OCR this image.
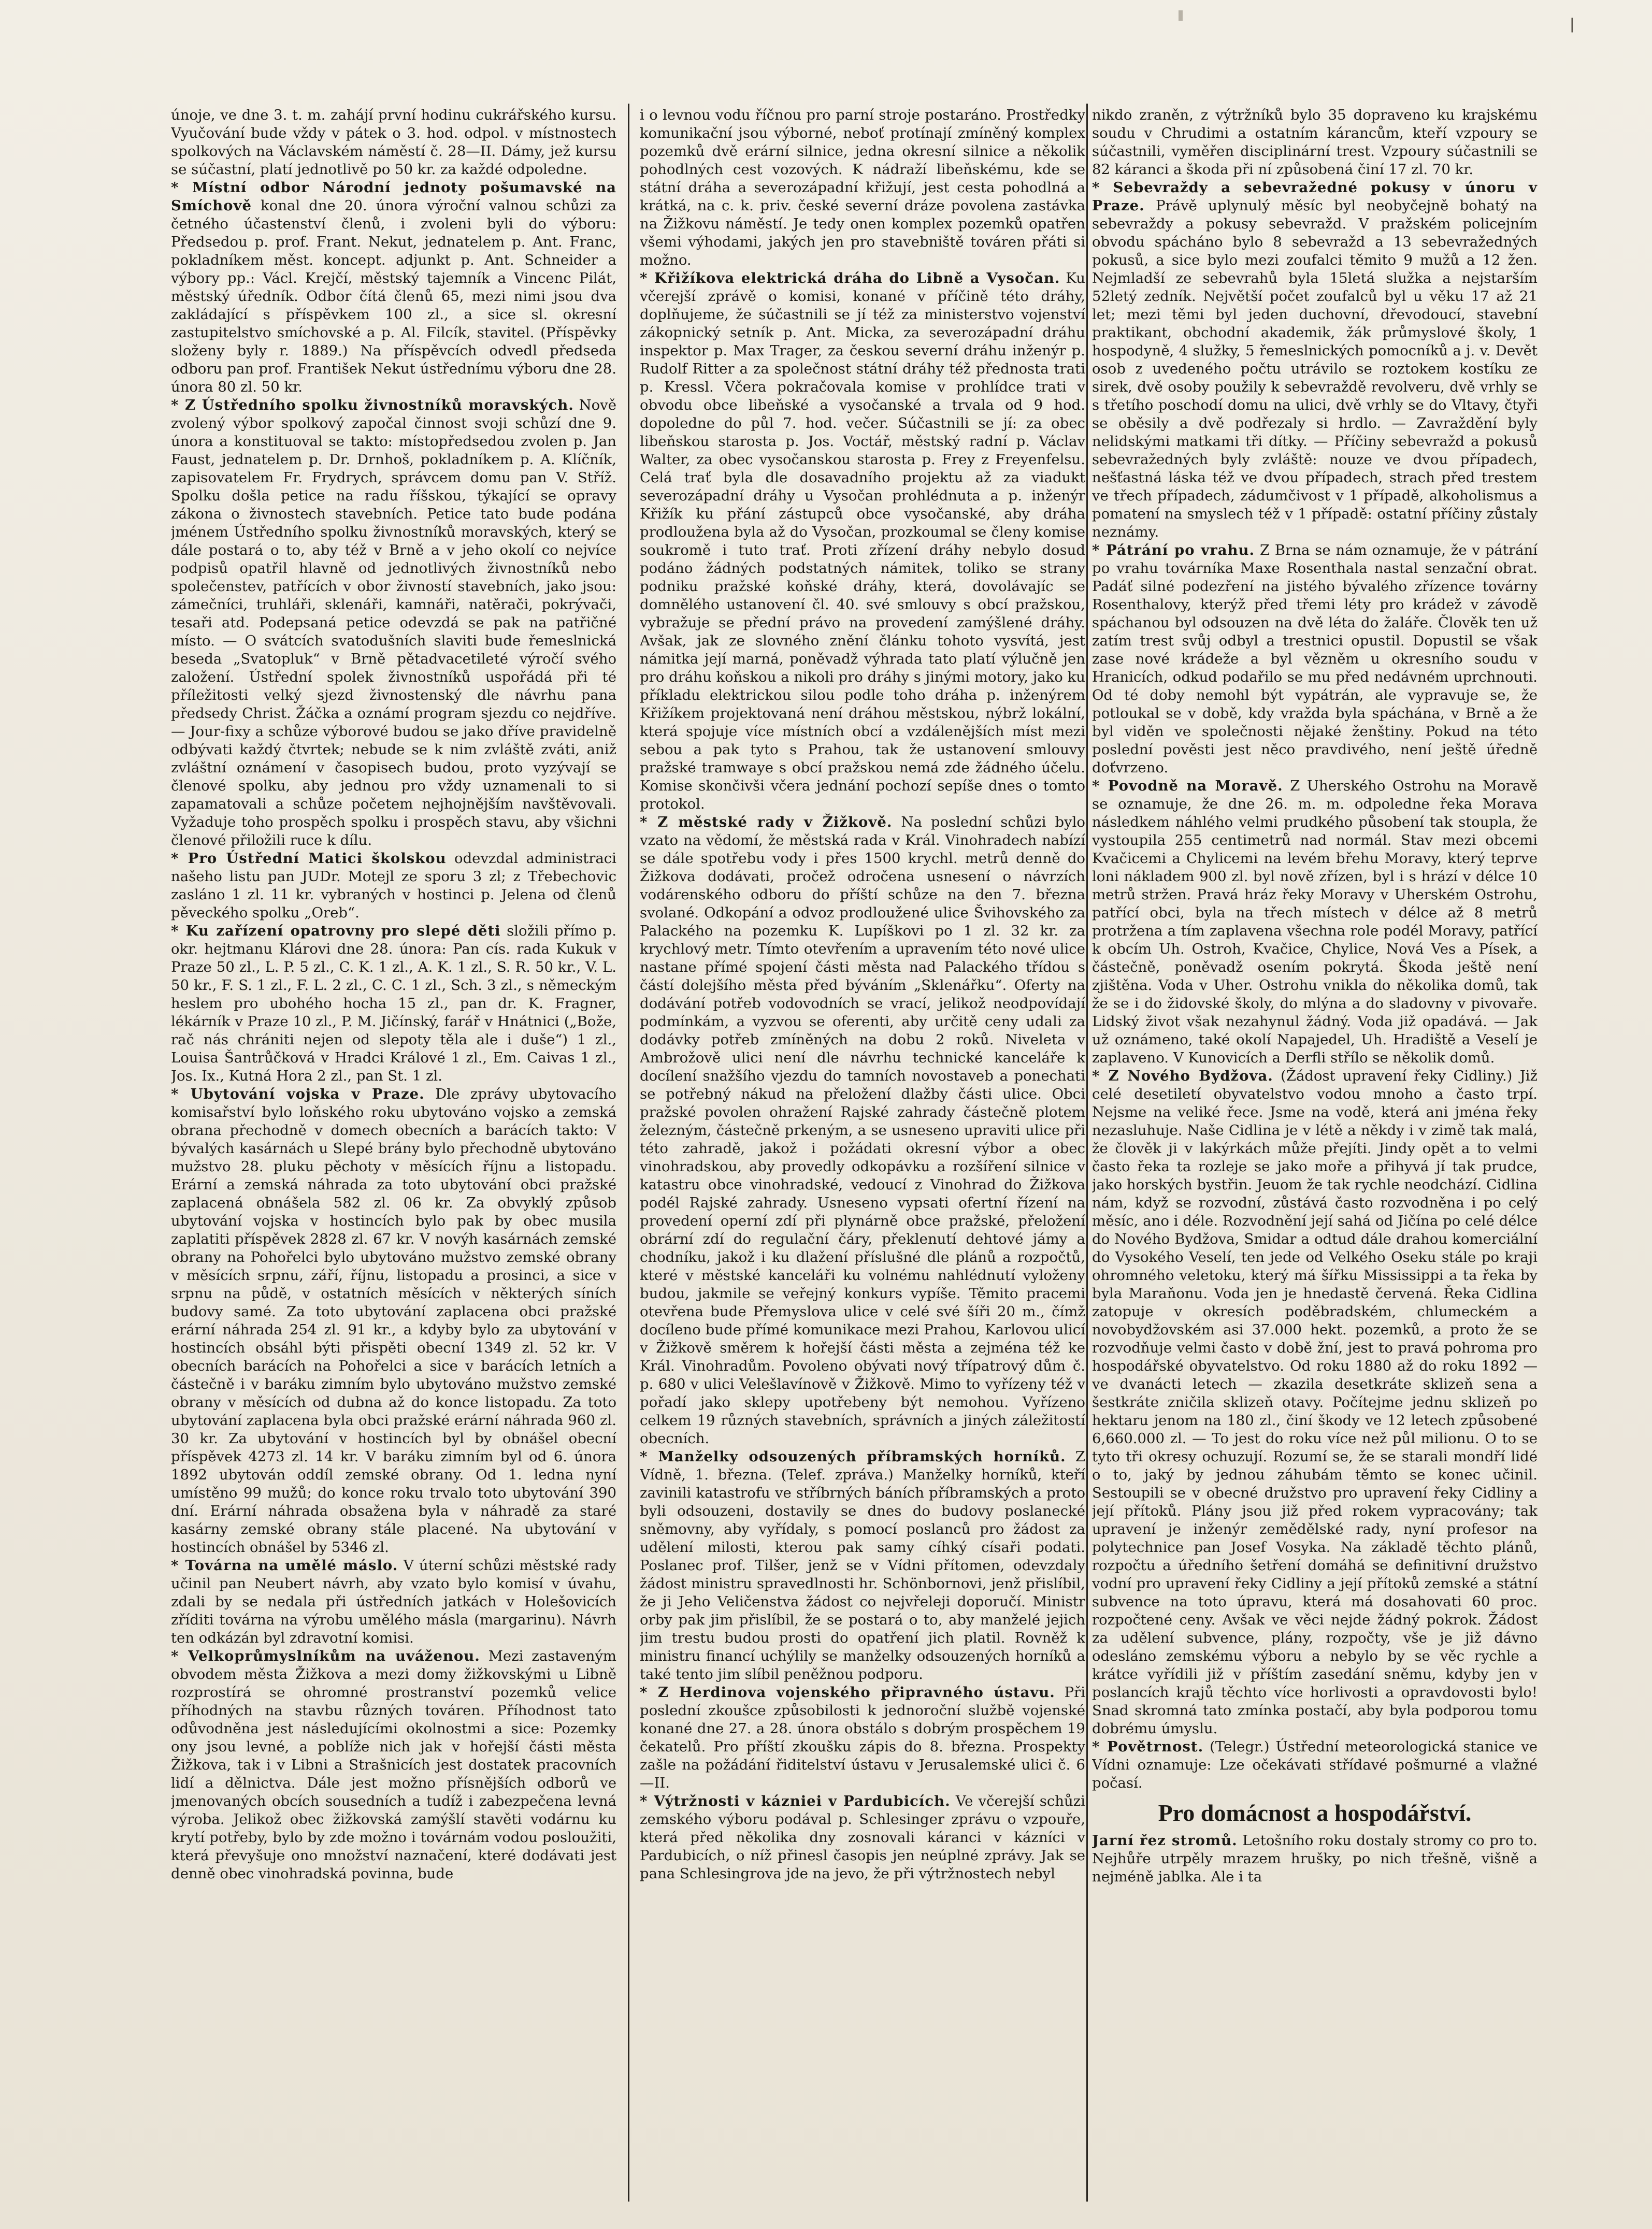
|

únoje, ve dne 3. t. m. zahájí první hodinu cukrářského kursu. Vyučování bude vždy v pátek o 3. hod. odpol. v místnostech spolkových na Václavském náměstí č. 28—II. Dámy, jež kursu se súčastní, platí jednotlivě po 50 kr. za každé odpoledne.

* Místní odbor Národní jednoty pošumavské na Smíchově konal dne 20. února výroční valnou schůzi za četného účastenství členů, i zvoleni byli do výboru: Předsedou p. prof. Frant. Nekut, jednatelem p. Ant. Franc, pokladníkem měst. koncept. adjunkt p. Ant. Schneider a výbory pp.: Václ. Krejčí, městský tajemník a Vincenc Pilát, městský úředník. Odbor čítá členů 65, mezi nimi jsou dva zakládající s příspěvkem 100 zl., a sice sl. okresní zastupitelstvo smíchovské a p. Al. Filcík, stavitel. (Příspěvky složeny byly r. 1889.) Na příspěvcích odvedl předseda odboru pan prof. František Nekut ústřednímu výboru dne 28. února 80 zl. 50 kr.

* Z Ústředního spolku živnostníků moravských. Nově zvolený výbor spolkový započal činnost svoji schůzí dne 9. února a konstituoval se takto: místopředsedou zvolen p. Jan Faust, jednatelem p. Dr. Drnhoš, pokladníkem p. A. Klíčník, zapisovatelem Fr. Frydrych, správcem domu pan V. Stříž. Spolku došla petice na radu říšskou, týkající se opravy zákona o živnostech stavebních. Petice tato bude podána jménem Ústředního spolku živnostníků moravských, který se dále postará o to, aby též v Brně a v jeho okolí co nejvíce podpisů opatřil hlavně od jednotlivých živnostníků nebo společenstev, patřících v obor živností stavebních, jako jsou: zámečníci, truhláři, sklenáři, kamnáři, natěrači, pokrývači, tesaři atd. Podepsaná petice odevzdá se pak na patřičné místo. — O svátcích svatodušních slaviti bude řemeslnická beseda „Svatopluk“ v Brně pětadvacetileté výročí svého založení. Ústřední spolek živnostníků uspořádá při té příležitosti velký sjezd živnostenský dle návrhu pana předsedy Christ. Žáčka a oznámí program sjezdu co nejdříve. — Jour-fixy a schůze výborové budou se jako dříve pravidelně odbývati každý čtvrtek; nebude se k nim zvláště zváti, aniž zvláštní oznámení v časopisech budou, proto vyzývají se členové spolku, aby jednou pro vždy uznamenali to si zapamatovali a schůze početem nejhojnějším navštěvovali. Vyžaduje toho prospěch spolku i prospěch stavu, aby všichni členové přiložili ruce k dílu.

* Pro Ústřední Matici školskou odevzdal administraci našeho listu pan JUDr. Motejl ze sporu 3 zl; z Třebechovic zasláno 1 zl. 11 kr. vybraných v hostinci p. Jelena od členů pěveckého spolku „Oreb“.

* Ku zařízení opatrovny pro slepé děti složili přímo p. okr. hejtmanu Klárovi dne 28. února: Pan cís. rada Kukuk v Praze 50 zl., L. P. 5 zl., C. K. 1 zl., A. K. 1 zl., S. R. 50 kr., V. L. 50 kr., F. S. 1 zl., F. L. 2 zl., C. C. 1 zl., Sch. 3 zl., s německým heslem pro ubohého hocha 15 zl., pan dr. K. Fragner, lékárník v Praze 10 zl., P. M. Jičínský, farář v Hnátnici („Bože, rač nás chrániti nejen od slepoty těla ale i duše“) 1 zl., Louisa Šantrůčková v Hradci Králové 1 zl., Em. Caivas 1 zl., Jos. Ix., Kutná Hora 2 zl., pan St. 1 zl.

* Ubytování vojska v Praze. Dle zprávy ubytovacího komisařství bylo loňského roku ubytováno vojsko a zemská obrana přechodně v domech obecních a barácích takto: V bývalých kasárnách u Slepé brány bylo přechodně ubytováno mužstvo 28. pluku pěchoty v měsících říjnu a listopadu. Erární a zemská náhrada za toto ubytování obci pražské zaplacená obnášela 582 zl. 06 kr. Za obvyklý způsob ubytování vojska v hostincích bylo pak by obec musila zaplatiti příspěvek 2828 zl. 67 kr. V novýh kasárnách zemské obrany na Pohořelci bylo ubytováno mužstvo zemské obrany v měsících srpnu, září, říjnu, listopadu a prosinci, a sice v srpnu na půdě, v ostatních měsících v některých síních budovy samé. Za toto ubytování zaplacena obci pražské erární náhrada 254 zl. 91 kr., a kdyby bylo za ubytování v hostincích obsáhl býti přispěti obecní 1349 zl. 52 kr. V obecních barácích na Pohořelci a sice v barácích letních a částečně i v baráku zimním bylo ubytováno mužstvo zemské obrany v měsících od dubna až do konce listopadu. Za toto ubytování zaplacena byla obci pražské erární náhrada 960 zl. 30 kr. Za ubytování v hostincích byl by obnášel obecní příspěvek 4273 zl. 14 kr. V baráku zimním byl od 6. února 1892 ubytován oddíl zemské obrany. Od 1. ledna nyní umístěno 99 mužů; do konce roku trvalo toto ubytování 390 dní. Erární náhrada obsažena byla v náhradě za staré kasárny zemské obrany stále placené. Na ubytování v hostincích obnášel by 5346 zl.

* Továrna na umělé máslo. V úterní schůzi městské rady učinil pan Neubert návrh, aby vzato bylo komisí v úvahu, zdali by se nedala při ústředních jatkách v Holešovicích zříditi továrna na výrobu umělého másla (margarinu). Návrh ten odkázán byl zdravotní komisi.

* Velkoprůmyslníkům na uváženou. Mezi zastaveným obvodem města Žižkova a mezi domy žižkovskými u Libně rozprostírá se ohromné prostranství pozemků velice příhodných na stavbu různých továren. Příhodnost tato odůvodněna jest následujícími okolnostmi a sice: Pozemky ony jsou levné, a poblíže nich jak v hořejší části města Žižkova, tak i v Libni a Strašnicích jest dostatek pracovních lidí a dělnictva. Dále jest možno přísnějších odborů ve jmenovaných obcích sousedních a tudíž i zabezpečena levná výroba. Jelikož obec žižkovská zamýšlí stavěti vodárnu ku krytí potřeby, bylo by zde možno i továrnám vodou posloužiti, která převyšuje ono množství naznačení, které dodávati jest denně obec vinohradská povinna, bude

i o levnou vodu říčnou pro parní stroje postaráno. Prostředky komunikační jsou výborné, neboť protínají zmíněný komplex pozemků dvě erární silnice, jedna okresní silnice a několik pohodlných cest vozových. K nádraží libeňskému, kde se státní dráha a severozápadní křižují, jest cesta pohodlná a krátká, na c. k. priv. české severní dráze povolena zastávka na Žižkovu náměstí. Je tedy onen komplex pozemků opatřen všemi výhodami, jakých jen pro stavebniště továren přáti si možno.

* Křižíkova elektrická dráha do Libně a Vysočan. Ku včerejší zprávě o komisi, konané v příčině této dráhy, doplňujeme, že súčastnili se jí též za ministerstvo vojenství zákopnický setník p. Ant. Micka, za severozápadní dráhu inspektor p. Max Trager, za českou severní dráhu inženýr p. Rudolf Ritter a za společnost státní dráhy též přednosta trati p. Kressl. Včera pokračovala komise v prohlídce trati v obvodu obce libeňské a vysočanské a trvala od 9 hod. dopoledne do půl 7. hod. večer. Súčastnili se jí: za obec libeňskou starosta p. Jos. Voctář, městský radní p. Václav Walter, za obec vysočanskou starosta p. Frey z Freyenfelsu. Celá trať byla dle dosavadního projektu až za viadukt severozápadní dráhy u Vysočan prohlédnuta a p. inženýr Křižík ku přání zástupců obce vysočanské, aby dráha prodloužena byla až do Vysočan, prozkoumal se členy komise soukromě i tuto trať. Proti zřízení dráhy nebylo dosud podáno žádných podstatných námitek, toliko se strany podniku pražské koňské dráhy, která, dovolávajíc se domnělého ustanovení čl. 40. své smlouvy s obcí pražskou, vybražuje se přední právo na provedení zamýšlené dráhy. Avšak, jak ze slovného znění článku tohoto vysvítá, jest námitka její marná, poněvadž výhrada tato platí výlučně jen pro dráhu koňskou a nikoli pro dráhy s jinými motory, jako ku příkladu elektrickou silou podle toho dráha p. inženýrem Křižíkem projektovaná není dráhou městskou, nýbrž lokální, která spojuje více místních obcí a vzdálenějších míst mezi sebou a pak tyto s Prahou, tak že ustanovení smlouvy pražské tramwaye s obcí pražskou nemá zde žádného účelu. Komise skončivši včera jednání pochozí sepíše dnes o tomto protokol.

* Z městské rady v Žižkově. Na poslední schůzi bylo vzato na vědomí, že městská rada v Král. Vinohradech nabízí se dále spotřebu vody i přes 1500 krychl. metrů denně do Žižkova dodávati, pročež odročena usnesení o návrzích vodárenského odboru do příští schůze na den 7. března svolané. Odkopání a odvoz prodloužené ulice Švihovského za Palackého na pozemku K. Lupíškovi po 1 zl. 32 kr. za krychlový metr. Tímto otevřením a upravením této nové ulice nastane přímé spojení části města nad Palackého třídou s částí dolejšího města před býváním „Sklenářku“. Oferty na dodávání potřeb vodovodních se vrací, jelikož neodpovídají podmínkám, a vyzvou se oferenti, aby určitě ceny udali za dodávky potřeb zmíněných na dobu 2 roků. Niveleta v Ambrožově ulici není dle návrhu technické kanceláře k docílení snažšího vjezdu do tamních novostaveb a ponechati se potřebný nákud na přeložení dlažby části ulice. Obci pražské povolen ohražení Rajské zahrady částečně plotem železným, částečně prkeným, a se usneseno upraviti ulice při této zahradě, jakož i požádati okresní výbor a obec vinohradskou, aby provedly odkopávku a rozšíření silnice v katastru obce vinohradské, vedoucí z Vinohrad do Žižkova podél Rajské zahrady. Usneseno vypsati ofertní řízení na provedení operní zdí při plynárně obce pražské, přeložení obrární zdí do regulační čáry, překlenutí dehtové jámy a chodníku, jakož i ku dlažení příslušné dle plánů a rozpočtů, které v městské kanceláři ku volnému nahlédnutí vyloženy budou, jakmile se veřejný konkurs vypíše. Těmito pracemi otevřena bude Přemyslova ulice v celé své šíři 20 m., čímž docíleno bude přímé komunikace mezi Prahou, Karlovou ulicí v Žižkově směrem k hořejší části města a zejména též ke Král. Vinohradům. Povoleno obývati nový třípatrový dům č. p. 680 v ulici Velešlavínově v Žižkově. Mimo to vyřízeny též v pořadí jako sklepy upotřebeny být nemohou. Vyřízeno celkem 19 různých stavebních, správních a jiných záležitostí obecních.

* Manželky odsouzených příbramských horníků. Z Vídně, 1. března. (Telef. zpráva.) Manželky horníků, kteří zavinili katastrofu ve stříbrných báních příbramských a proto byli odsouzeni, dostavily se dnes do budovy poslanecké sněmovny, aby vyřídaly, s pomocí poslanců pro žádost za udělení milosti, kterou pak samy cíhký císaři podati. Poslanec prof. Tilšer, jenž se v Vídni přítomen, odevzdaly žádost ministru spravedlnosti hr. Schönbornovi, jenž přislíbil, že ji Jeho Veličenstva žádost co nejvřeleji doporučí. Ministr orby pak jim přislíbil, že se postará o to, aby manželé jejich jim trestu budou prosti do opatření jich platil. Rovněž k ministru financí uchýlily se manželky odsouzených horníků a také tento jim slíbil peněžnou podporu.

* Z Herdinova vojenského připravného ústavu. Při poslední zkoušce způsobilosti k jednoroční službě vojenské konané dne 27. a 28. února obstálo s dobrým prospěchem 19 čekatelů. Pro příští zkoušku zápis do 8. března. Prospekty zašle na požádání řiditelství ústavu v Jerusalemské ulici č. 6—II.

* Výtržnosti v kázniei v Pardubicích. Ve včerejší schůzi zemského výboru podával p. Schlesinger zprávu o vzpouře, která před několika dny zosnovali káranci v kázníci v Pardubicích, o níž přinesl časopis jen neúplné zprávy. Jak se pana Schlesingrova jde na jevo, že při výtržnostech nebyl

nikdo zraněn, z výtržníků bylo 35 dopraveno ku krajskému soudu v Chrudimi a ostatním kárancům, kteří vzpoury se súčastnili, vyměřen disciplinární trest. Vzpoury súčastnili se 82 káranci a škoda při ní způsobená činí 17 zl. 70 kr.

* Sebevraždy a sebevražedné pokusy v únoru v Praze. Právě uplynulý měsíc byl neobyčejně bohatý na sebevraždy a pokusy sebevražd. V pražském policejním obvodu spácháno bylo 8 sebevražd a 13 sebevražedných pokusů, a sice bylo mezi zoufalci těmito 9 mužů a 12 žen. Nejmladší ze sebevrahů byla 15letá služka a nejstarším 52letý zedník. Největší počet zoufalců byl u věku 17 až 21 let; mezi těmi byl jeden duchovní, dřevodoucí, stavební praktikant, obchodní akademik, žák průmyslové školy, 1 hospodyně, 4 služky, 5 řemeslnických pomocníků a j. v. Devět osob z uvedeného počtu utrávilo se roztokem kostíku ze sirek, dvě osoby použily k sebevraždě revolveru, dvě vrhly se s třetího poschodí domu na ulici, dvě vrhly se do Vltavy, čtyři se oběsily a dvě podřezaly si hrdlo. — Zavraždění byly nelidskými matkami tři dítky. — Příčiny sebevražd a pokusů sebevražedných byly zvláště: nouze ve dvou případech, nešťastná láska též ve dvou případech, strach před trestem ve třech případech, zádumčivost v 1 případě, alkoholismus a pomatení na smyslech též v 1 případě: ostatní příčiny zůstaly neznámy.

* Pátrání po vrahu. Z Brna se nám oznamuje, že v pátrání po vrahu továrníka Maxe Rosenthala nastal senzační obrat. Padáť silné podezření na jistého bývalého zřízence továrny Rosenthalovy, kterýž před třemi léty pro krádež v závodě spáchanou byl odsouzen na dvě léta do žaláře. Člověk ten už zatím trest svůj odbyl a trestnici opustil. Dopustil se však zase nové krádeže a byl vězněm u okresního soudu v Hranicích, odkud podařilo se mu před nedávném uprchnouti. Od té doby nemohl být vypátrán, ale vypravuje se, že potloukal se v době, kdy vražda byla spáchána, v Brně a že byl viděn ve společnosti nějaké ženštiny. Pokud na této poslední pověsti jest něco pravdivého, není ještě úředně doťvrzeno.

* Povodně na Moravě. Z Uherského Ostrohu na Moravě se oznamuje, že dne 26. m. m. odpoledne řeka Morava následkem náhlého velmi prudkého působení tak stoupla, že vystoupila 255 centimetrů nad normál. Stav mezi obcemi Kvačicemi a Chylicemi na levém břehu Moravy, který teprve loni nákladem 900 zl. byl nově zřízen, byl i s hrází v délce 10 metrů stržen. Pravá hráz řeky Moravy v Uherském Ostrohu, patřící obci, byla na třech místech v délce až 8 metrů protržena a tím zaplavena všechna role podél Moravy, patřící k obcím Uh. Ostroh, Kvačice, Chylice, Nová Ves a Písek, a částečně, poněvadž osením pokrytá. Škoda ještě není zjištěna. Voda v Uher. Ostrohu vnikla do několika domů, tak že se i do židovské školy, do mlýna a do sladovny v pivovaře. Lidský život však nezahynul žádný. Voda již opadává. — Jak už oznámeno, také okolí Napajedel, Uh. Hradiště a Veselí je zaplaveno. V Kunovicích a Derfli střílo se několik domů.

* Z Nového Bydžova. (Žádost upravení řeky Cidliny.) Již celé desetiletí obyvatelstvo vodou mnoho a často trpí. Nejsme na veliké řece. Jsme na vodě, která ani jména řeky nezasluhuje. Naše Cidlina je v létě a někdy i v zimě tak malá, že člověk ji v lakýrkách může přejíti. Jindy opět a to velmi často řeka ta rozleje se jako moře a přihyvá jí tak prudce, jako horských bystřin. Jeuom že tak rychle neodchází. Cidlina nám, když se rozvodní, zůstává často rozvodněna i po celý měsíc, ano i déle. Rozvodnění její sahá od Jičína po celé délce do Nového Bydžova, Smidar a odtud dále drahou komerciální do Vysokého Veselí, ten jede od Velkého Oseku stále po kraji ohromného veletoku, který má šířku Mississippi a ta řeka by byla Maraňonu. Voda jen je hnedastě červená. Řeka Cidlina zatopuje v okresích poděbradském, chlumeckém a novobydžovském asi 37.000 hekt. pozemků, a proto že se rozvodňuje velmi často v době žní, jest to pravá pohroma pro hospodářské obyvatelstvo. Od roku 1880 až do roku 1892 — ve dvanácti letech — zkazila desetkráte sklizeň sena a šestkráte zničila sklizeň otavy. Počítejme jednu sklizeň po hektaru jenom na 180 zl., činí škody ve 12 letech způsobené 6,660.000 zl. — To jest do roku více než půl milionu. O to se tyto tři okresy ochuzují. Rozumí se, že se starali mondří lidé o to, jaký by jednou záhubám těmto se konec učinil. Sestoupili se v obecné družstvo pro upravení řeky Cidliny a její přítoků. Plány jsou již před rokem vypracovány; tak upravení je inženýr zemědělské rady, nyní profesor na polytechnice pan Josef Vosyka. Na základě těchto plánů, rozpočtu a úředního šetření domáhá se definitivní družstvo vodní pro upravení řeky Cidliny a její přítoků zemské a státní subvence na toto úpravu, která má dosahovati 60 proc. rozpočtené ceny. Avšak ve věci nejde žádný pokrok. Žádost za udělení subvence, plány, rozpočty, vše je již dávno odesláno zemskému výboru a nebylo by se věc rychle a krátce vyřídili již v příštím zasedání sněmu, kdyby jen v poslancích krajů těchto více horlivosti a opravdovosti bylo! Snad skromná tato zmínka postačí, aby byla podporou tomu dobrému úmyslu.

* Povětrnost. (Telegr.) Ústřední meteorologická stanice ve Vídni oznamuje: Lze očekávati střídavé pošmurné a vlažné počasí.

Pro domácnost a hospodářství.

Jarní řez stromů. Letošního roku dostaly stromy co pro to. Nejhůře utrpěly mrazem hrušky, po nich třešně, višně a nejméně jablka. Ale i ta
